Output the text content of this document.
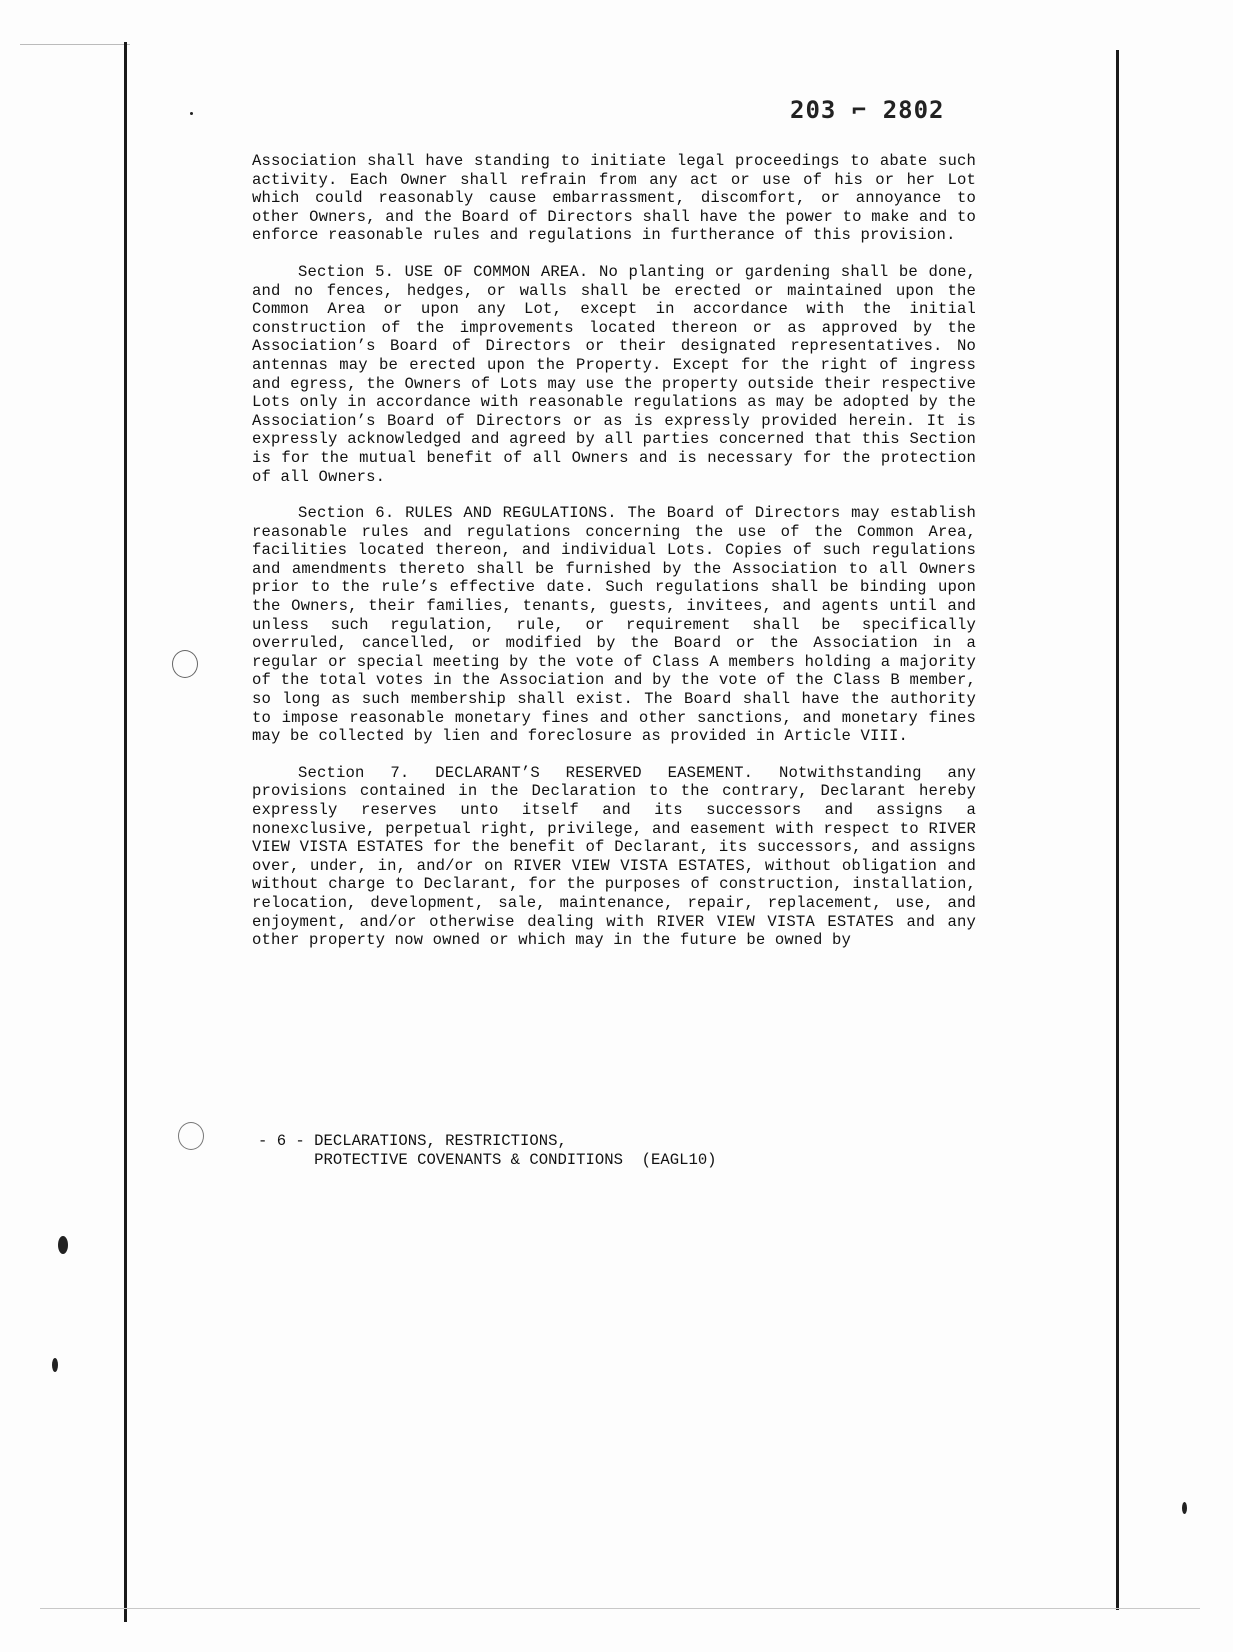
203 ⌐ 2802

Association shall have standing to initiate legal proceedings to abate such activity. Each Owner shall refrain from any act or use of his or her Lot which could reasonably cause embarrassment, discomfort, or annoyance to other Owners, and the Board of Directors shall have the power to make and to enforce reasonable rules and regulations in furtherance of this provision.

Section 5. USE OF COMMON AREA. No planting or gardening shall be done, and no fences, hedges, or walls shall be erected or maintained upon the Common Area or upon any Lot, except in accordance with the initial construction of the improvements located thereon or as approved by the Association’s Board of Directors or their designated representatives. No antennas may be erected upon the Property. Except for the right of ingress and egress, the Owners of Lots may use the property outside their respective Lots only in accordance with reasonable regulations as may be adopted by the Association’s Board of Directors or as is expressly provided herein. It is expressly acknowledged and agreed by all parties concerned that this Section is for the mutual benefit of all Owners and is necessary for the protection of all Owners.

Section 6. RULES AND REGULATIONS. The Board of Directors may establish reasonable rules and regulations concerning the use of the Common Area, facilities located thereon, and individual Lots. Copies of such regulations and amendments thereto shall be furnished by the Association to all Owners prior to the rule’s effective date. Such regulations shall be binding upon the Owners, their families, tenants, guests, invitees, and agents until and unless such regulation, rule, or requirement shall be specifically overruled, cancelled, or modified by the Board or the Association in a regular or special meeting by the vote of Class A members holding a majority of the total votes in the Association and by the vote of the Class B member, so long as such membership shall exist. The Board shall have the authority to impose reasonable monetary fines and other sanctions, and monetary fines may be collected by lien and foreclosure as provided in Article VIII.

Section 7. DECLARANT’S RESERVED EASEMENT. Notwithstanding any provisions contained in the Declaration to the contrary, Declarant hereby expressly reserves unto itself and its successors and assigns a nonexclusive, perpetual right, privilege, and easement with respect to RIVER VIEW VISTA ESTATES for the benefit of Declarant, its successors, and assigns over, under, in, and/or on RIVER VIEW VISTA ESTATES, without obligation and without charge to Declarant, for the purposes of construction, installation, relocation, development, sale, maintenance, repair, replacement, use, and enjoyment, and/or otherwise dealing with RIVER VIEW VISTA ESTATES and any other property now owned or which may in the future be owned by

- 6 - DECLARATIONS, RESTRICTIONS,
PROTECTIVE COVENANTS & CONDITIONS  (EAGL10)
